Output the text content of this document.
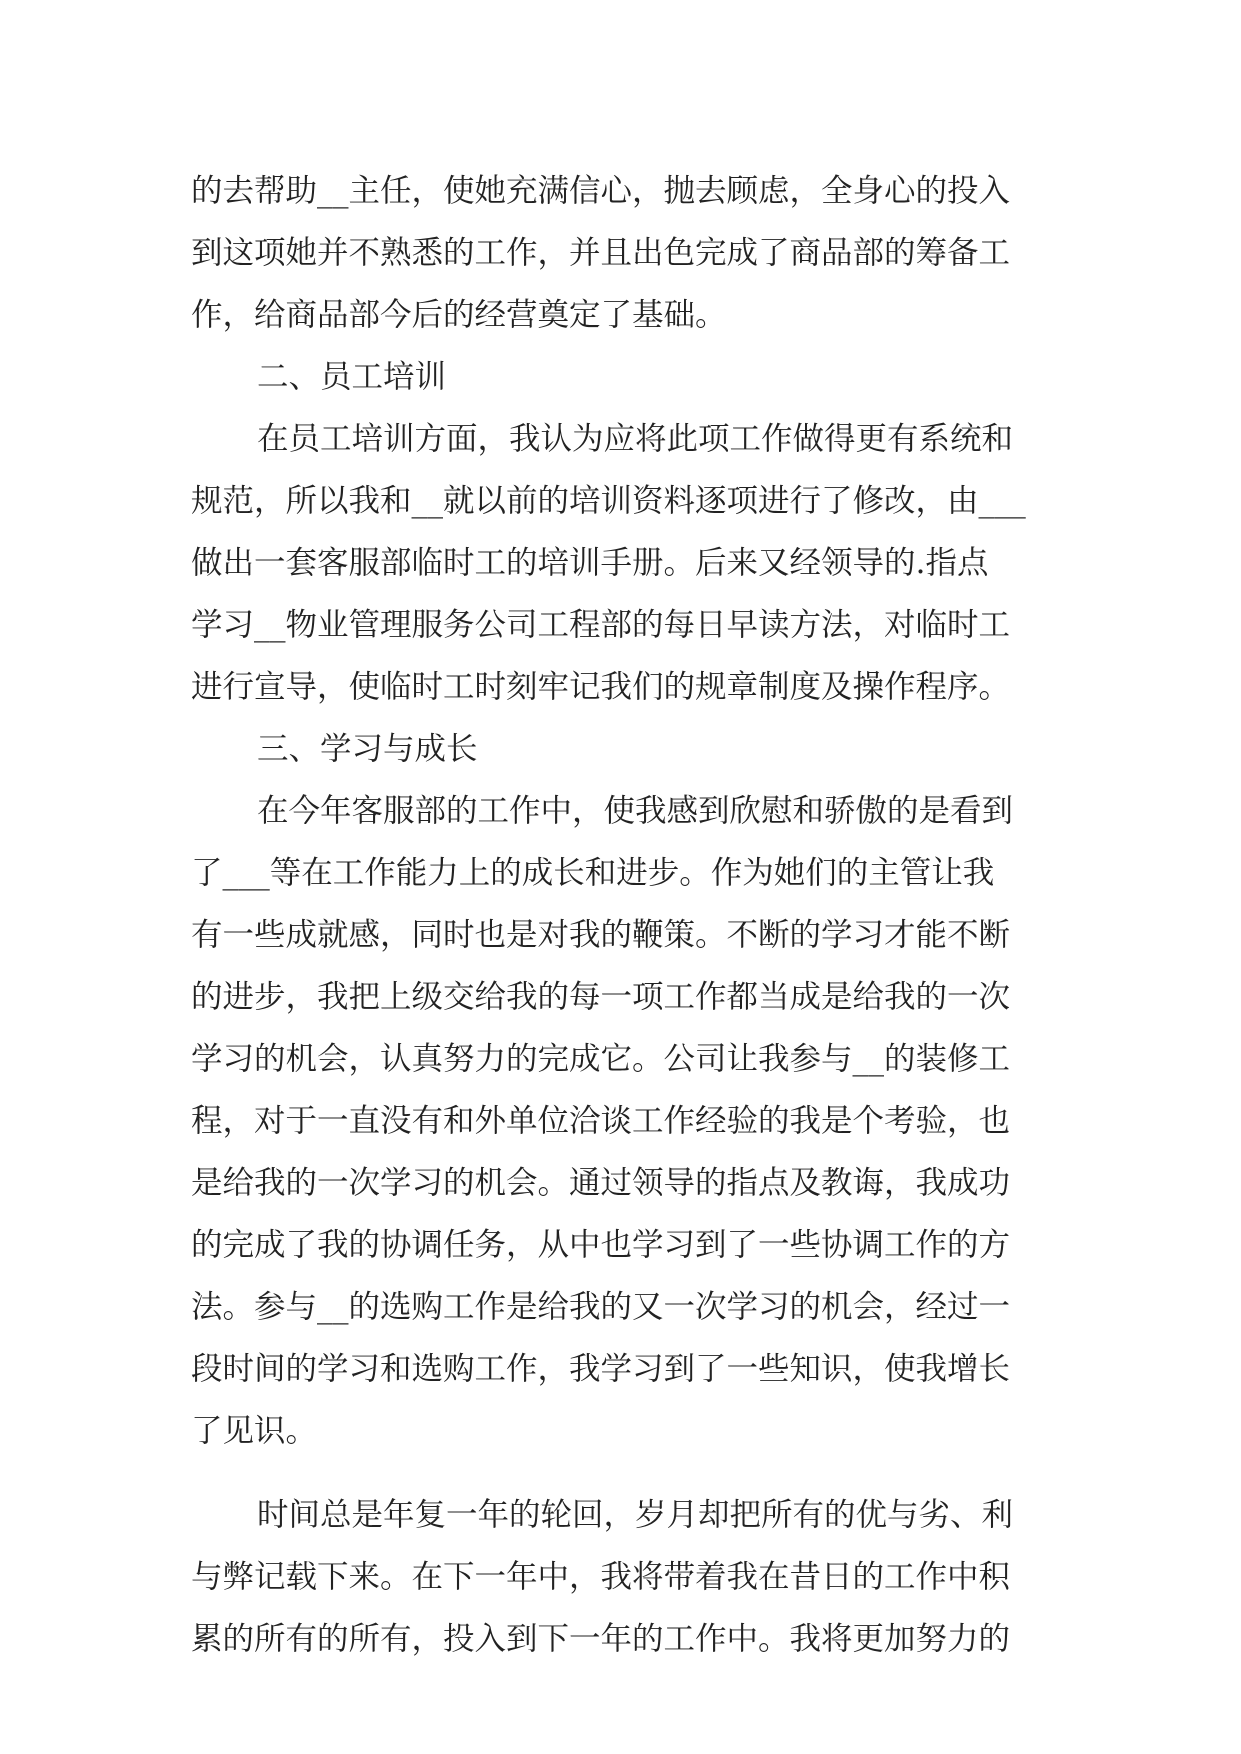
的去帮助__主任，使她充满信心，抛去顾虑，全身心的投入
到这项她并不熟悉的工作，并且出色完成了商品部的筹备工
作，给商品部今后的经营奠定了基础。
二、员工培训
在员工培训方面，我认为应将此项工作做得更有系统和
规范，所以我和__就以前的培训资料逐项进行了修改，由___
做出一套客服部临时工的培训手册。后来又经领导的.指点
学习__物业管理服务公司工程部的每日早读方法，对临时工
进行宣导，使临时工时刻牢记我们的规章制度及操作程序。
三、学习与成长
在今年客服部的工作中，使我感到欣慰和骄傲的是看到
了___等在工作能力上的成长和进步。作为她们的主管让我
有一些成就感，同时也是对我的鞭策。不断的学习才能不断
的进步，我把上级交给我的每一项工作都当成是给我的一次
学习的机会，认真努力的完成它。公司让我参与__的装修工
程，对于一直没有和外单位洽谈工作经验的我是个考验，也
是给我的一次学习的机会。通过领导的指点及教诲，我成功
的完成了我的协调任务，从中也学习到了一些协调工作的方
法。参与__的选购工作是给我的又一次学习的机会，经过一
段时间的学习和选购工作，我学习到了一些知识，使我增长
了见识。
时间总是年复一年的轮回，岁月却把所有的优与劣、利
与弊记载下来。在下一年中，我将带着我在昔日的工作中积
累的所有的所有，投入到下一年的工作中。我将更加努力的
